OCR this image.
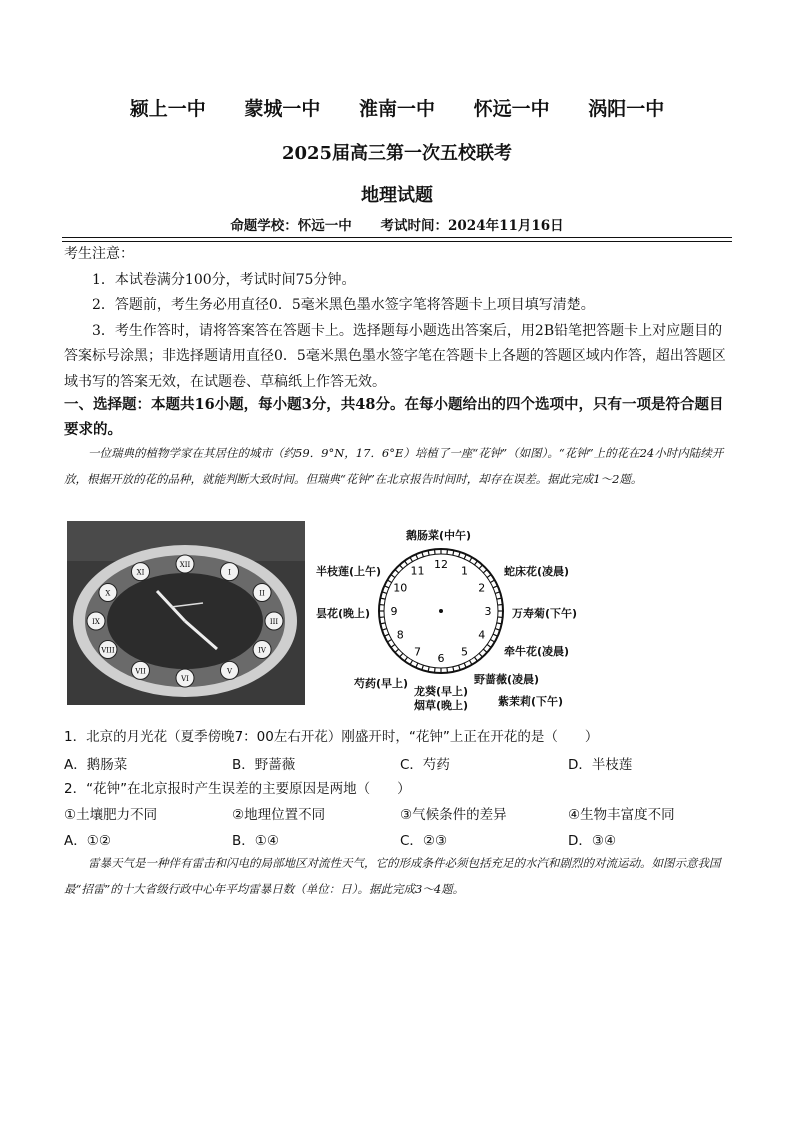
颍上一中 蒙城一中 淮南一中 怀远一中 涡阳一中
2025届高三第一次五校联考
地理试题
命题学校：怀远一中 考试时间：2024年11月16日

考生注意：

1．本试卷满分100分，考试时间75分钟。

2．答题前，考生务必用直径0．5毫米黑色墨水签字笔将答题卡上项目填写清楚。

3．考生作答时，请将答案答在答题卡上。选择题每小题选出答案后，用2B铅笔把答题卡上对应题目的答案标号涂黑；非选择题请用直径0．5毫米黑色墨水签字笔在答题卡上各题的答题区域内作答，超出答题区域书写的答案无效，在试题卷、草稿纸上作答无效。

一、选择题：本题共16小题，每小题3分，共48分。在每小题给出的四个选项中，只有一项是符合题目要求的。
一位瑞典的植物学家在其居住的城市（约59．9°N，17．6°E）培植了一座“花钟”（如图）。“花钟”上的花在24小时内陆续开放，根据开放的花的品种，就能判断大致时间。但瑞典“花钟”在北京报告时间时，却存在误差。据此完成1～2题。
XII
I
II
III
IV
V
VI
VII
VIII
IX
X
XI
12 1
2
3
4
5
6
7
8
9
10
11
鹅肠菜(中午)
半枝莲(上午)	蛇床花(凌晨)
昙花(晚上)	万寿菊(下午)
牵牛花(凌晨)
野蔷薇(凌晨)
紫茉莉(下午)
芍药(早上)
龙葵(早上)
烟草(晚上)
1．北京的月光花（夏季傍晚7：00左右开花）刚盛开时，“花钟”上正在开花的是（　　）
A．鹅肠菜	B．野蔷薇	C．芍药	D．半枝莲
2．“花钟”在北京报时产生误差的主要原因是两地（　　）
①土壤肥力不同	②地理位置不同	③气候条件的差异	④生物丰富度不同
A．①②	B．①④	C．②③	D．③④
雷暴天气是一种伴有雷击和闪电的局部地区对流性天气，它的形成条件必须包括充足的水汽和剧烈的对流运动。如图示意我国最“招雷”的十大省级行政中心年平均雷暴日数（单位：日）。据此完成3～4题。
